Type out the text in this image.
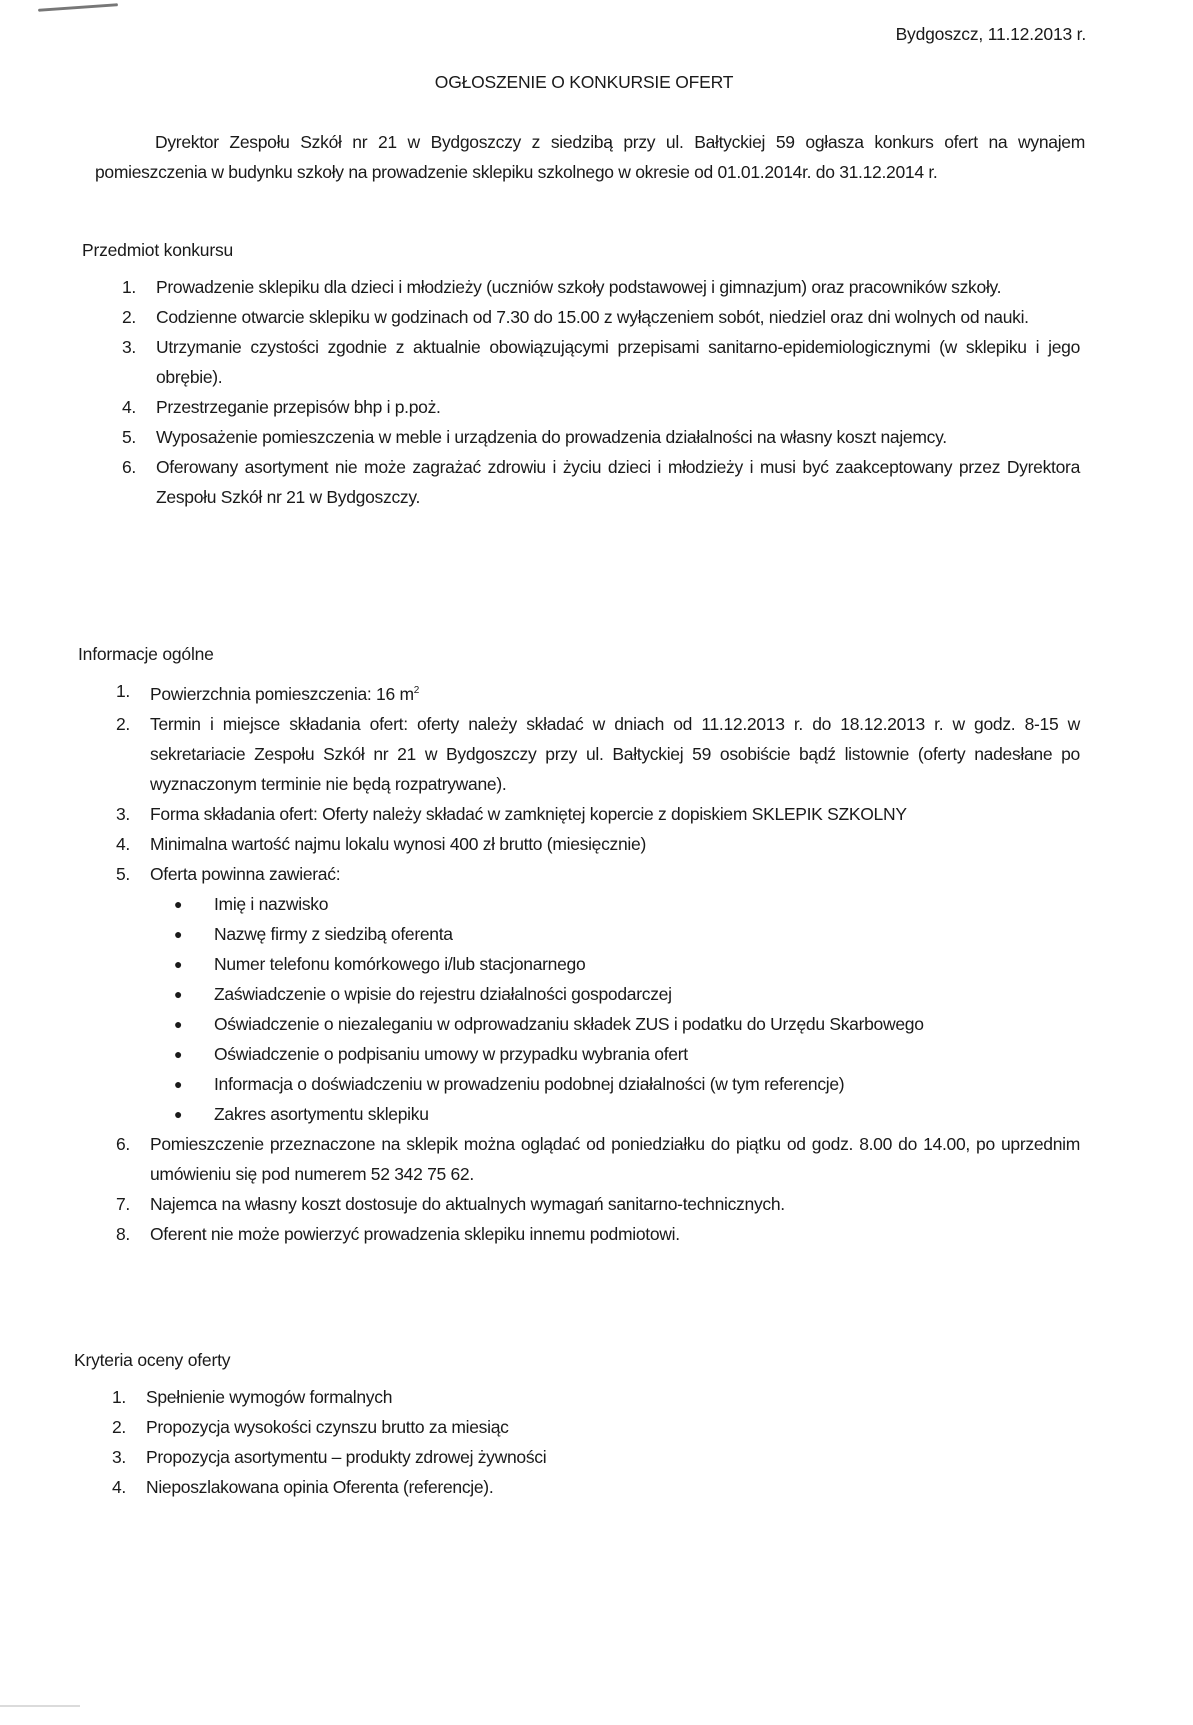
Bydgoszcz, 11.12.2013 r.
OGŁOSZENIE O KONKURSIE OFERT
Dyrektor Zespołu Szkół nr 21 w Bydgoszczy z siedzibą przy ul. Bałtyckiej 59 ogłasza konkurs ofert na wynajem pomieszczenia w budynku szkoły na prowadzenie sklepiku szkolnego w okresie od 01.01.2014r. do 31.12.2014 r.
Przedmiot konkursu
1. Prowadzenie sklepiku dla dzieci i młodzieży (uczniów szkoły podstawowej i gimnazjum) oraz pracowników szkoły.
2. Codzienne otwarcie sklepiku w godzinach od 7.30 do 15.00 z wyłączeniem sobót, niedziel oraz dni wolnych od nauki.
3. Utrzymanie czystości zgodnie z aktualnie obowiązującymi przepisami sanitarno-epidemiologicznymi (w sklepiku i jego obrębie).
4. Przestrzeganie przepisów bhp i p.poż.
5. Wyposażenie pomieszczenia w meble i urządzenia do prowadzenia działalności na własny koszt najemcy.
6. Oferowany asortyment nie może zagrażać zdrowiu i życiu dzieci i młodzieży i musi być zaakceptowany przez Dyrektora Zespołu Szkół nr 21 w Bydgoszczy.
Informacje ogólne
1. Powierzchnia pomieszczenia: 16 $m^2$
2. Termin i miejsce składania ofert: oferty należy składać w dniach od 11.12.2013 r. do 18.12.2013 r. w godz. 8-15 w sekretariacie Zespołu Szkół nr 21 w Bydgoszczy przy ul. Bałtyckiej 59 osobiście bądź listownie (oferty nadesłane po wyznaczonym terminie nie będą rozpatrywane).
3. Forma składania ofert: Oferty należy składać w zamkniętej kopercie z dopiskiem SKLEPIK SZKOLNY
4. Minimalna wartość najmu lokalu wynosi 400 zł brutto (miesięcznie)
5. Oferta powinna zawierać:
● Imię i nazwisko
● Nazwę firmy z siedzibą oferenta
● Numer telefonu komórkowego i/lub stacjonarnego
● Zaświadczenie o wpisie do rejestru działalności gospodarczej
● Oświadczenie o niezaleganiu w odprowadzaniu składek ZUS i podatku do Urzędu Skarbowego
● Oświadczenie o podpisaniu umowy w przypadku wybrania ofert
● Informacja o doświadczeniu w prowadzeniu podobnej działalności (w tym referencje)
● Zakres asortymentu sklepiku
6. Pomieszczenie przeznaczone na sklepik można oglądać od poniedziałku do piątku od godz. 8.00 do 14.00, po uprzednim umówieniu się pod numerem 52 342 75 62.
7. Najemca na własny koszt dostosuje do aktualnych wymagań sanitarno-technicznych.
8. Oferent nie może powierzyć prowadzenia sklepiku innemu podmiotowi.
Kryteria oceny oferty
1. Spełnienie wymogów formalnych
2. Propozycja wysokości czynszu brutto za miesiąc
3. Propozycja asortymentu – produkty zdrowej żywności
4. Nieposzlakowana opinia Oferenta (referencje).
